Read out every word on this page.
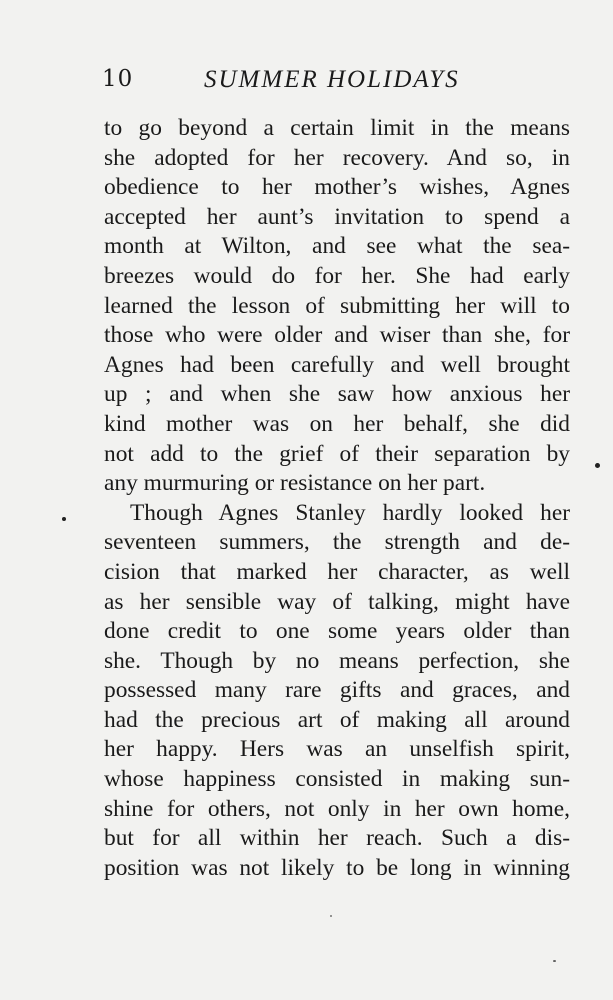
10	SUMMER HOLIDAYS
to go beyond a certain limit in the means
she adopted for her recovery. And so, in
obedience to her mother’s wishes, Agnes
accepted her aunt’s invitation to spend a
month at Wilton, and see what the sea-
breezes would do for her. She had early
learned the lesson of submitting her will to
those who were older and wiser than she, for
Agnes had been carefully and well brought
up ; and when she saw how anxious her
kind mother was on her behalf, she did
not add to the grief of their separation by
any murmuring or resistance on her part.
Though Agnes Stanley hardly looked her
seventeen summers, the strength and de-
cision that marked her character, as well
as her sensible way of talking, might have
done credit to one some years older than
she. Though by no means perfection, she
possessed many rare gifts and graces, and
had the precious art of making all around
her happy. Hers was an unselfish spirit,
whose happiness consisted in making sun-
shine for others, not only in her own home,
but for all within her reach. Such a dis-
position was not likely to be long in winning
